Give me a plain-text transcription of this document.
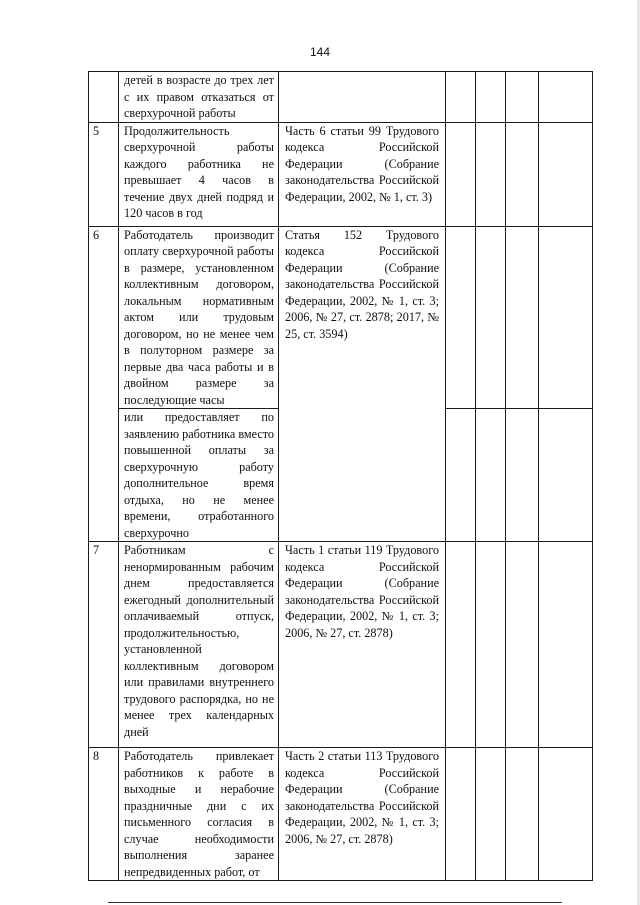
144
	детей в возрасте до трех лет с их правом отказаться от сверхурочной работы					
5	Продолжительность сверхурочной работы каждого работника не превышает 4 часов в течение двух дней подряд и 120 часов в год	Часть 6 статьи 99 Трудового кодекса Российской Федерации (Собрание законодательства Российской Федерации, 2002, № 1, ст. 3)				
6	Работодатель производит оплату сверхурочной работы в размере, установленном коллективным договором, локальным нормативным актом или трудовым договором, но не менее чем в полуторном размере за первые два часа работы и в двойном размере за последующие часы	Статья 152 Трудового кодекса Российской Федерации (Собрание законодательства Российской Федерации, 2002, № 1, ст. 3; 2006, № 27, ст. 2878; 2017, № 25, ст. 3594)				
	или предоставляет по заявлению работника вместо повышенной оплаты за сверхурочную работу дополнительное время отдыха, но не менее времени, отработанного сверхурочно					
7	Работникам с ненормированным рабочим днем предоставляется ежегодный дополнительный оплачиваемый отпуск, продолжительностью, установленной коллективным договором или правилами внутреннего трудового распорядка, но не менее трех календарных дней	Часть 1 статьи 119 Трудового кодекса Российской Федерации (Собрание законодательства Российской Федерации, 2002, № 1, ст. 3; 2006, № 27, ст. 2878)				
8	Работодатель привлекает работников к работе в выходные и нерабочие праздничные дни с их письменного согласия в случае необходимости выполнения заранее непредвиденных работ, от	Часть 2 статьи 113 Трудового кодекса Российской Федерации (Собрание законодательства Российской Федерации, 2002, № 1, ст. 3; 2006, № 27, ст. 2878)				
